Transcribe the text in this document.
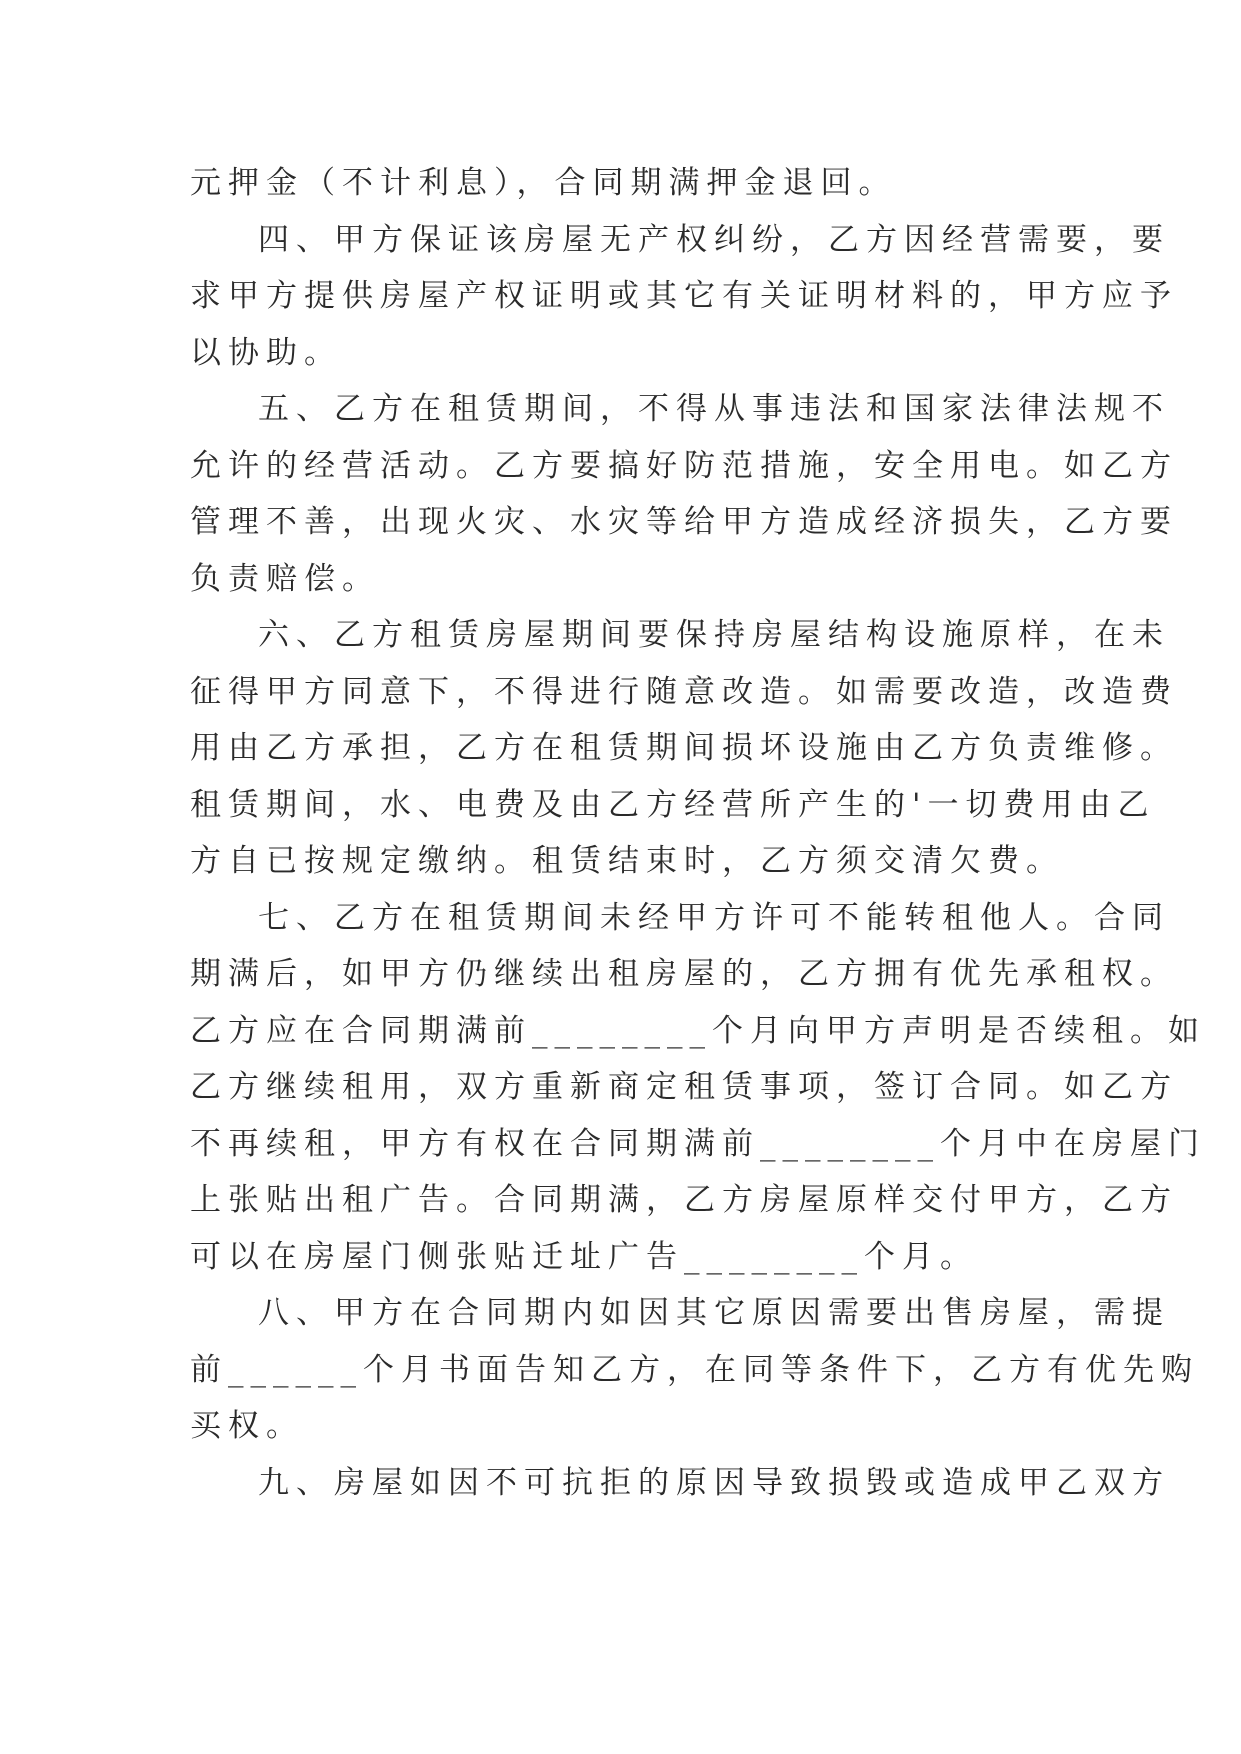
元押金（不计利息），合同期满押金退回。
四、甲方保证该房屋无产权纠纷，乙方因经营需要，要
求甲方提供房屋产权证明或其它有关证明材料的，甲方应予
以协助。
五、乙方在租赁期间，不得从事违法和国家法律法规不
允许的经营活动。乙方要搞好防范措施，安全用电。如乙方
管理不善，出现火灾、水灾等给甲方造成经济损失，乙方要
负责赔偿。
六、乙方租赁房屋期间要保持房屋结构设施原样，在未
征得甲方同意下，不得进行随意改造。如需要改造，改造费
用由乙方承担，乙方在租赁期间损坏设施由乙方负责维修。
租赁期间，水、电费及由乙方经营所产生的'一切费用由乙
方自已按规定缴纳。租赁结束时，乙方须交清欠费。
七、乙方在租赁期间未经甲方许可不能转租他人。合同
期满后，如甲方仍继续出租房屋的，乙方拥有优先承租权。
乙方应在合同期满前________个月向甲方声明是否续租。如
乙方继续租用，双方重新商定租赁事项，签订合同。如乙方
不再续租，甲方有权在合同期满前________个月中在房屋门
上张贴出租广告。合同期满，乙方房屋原样交付甲方，乙方
可以在房屋门侧张贴迁址广告________个月。
八、甲方在合同期内如因其它原因需要出售房屋，需提
前______个月书面告知乙方，在同等条件下，乙方有优先购
买权。
九、房屋如因不可抗拒的原因导致损毁或造成甲乙双方
